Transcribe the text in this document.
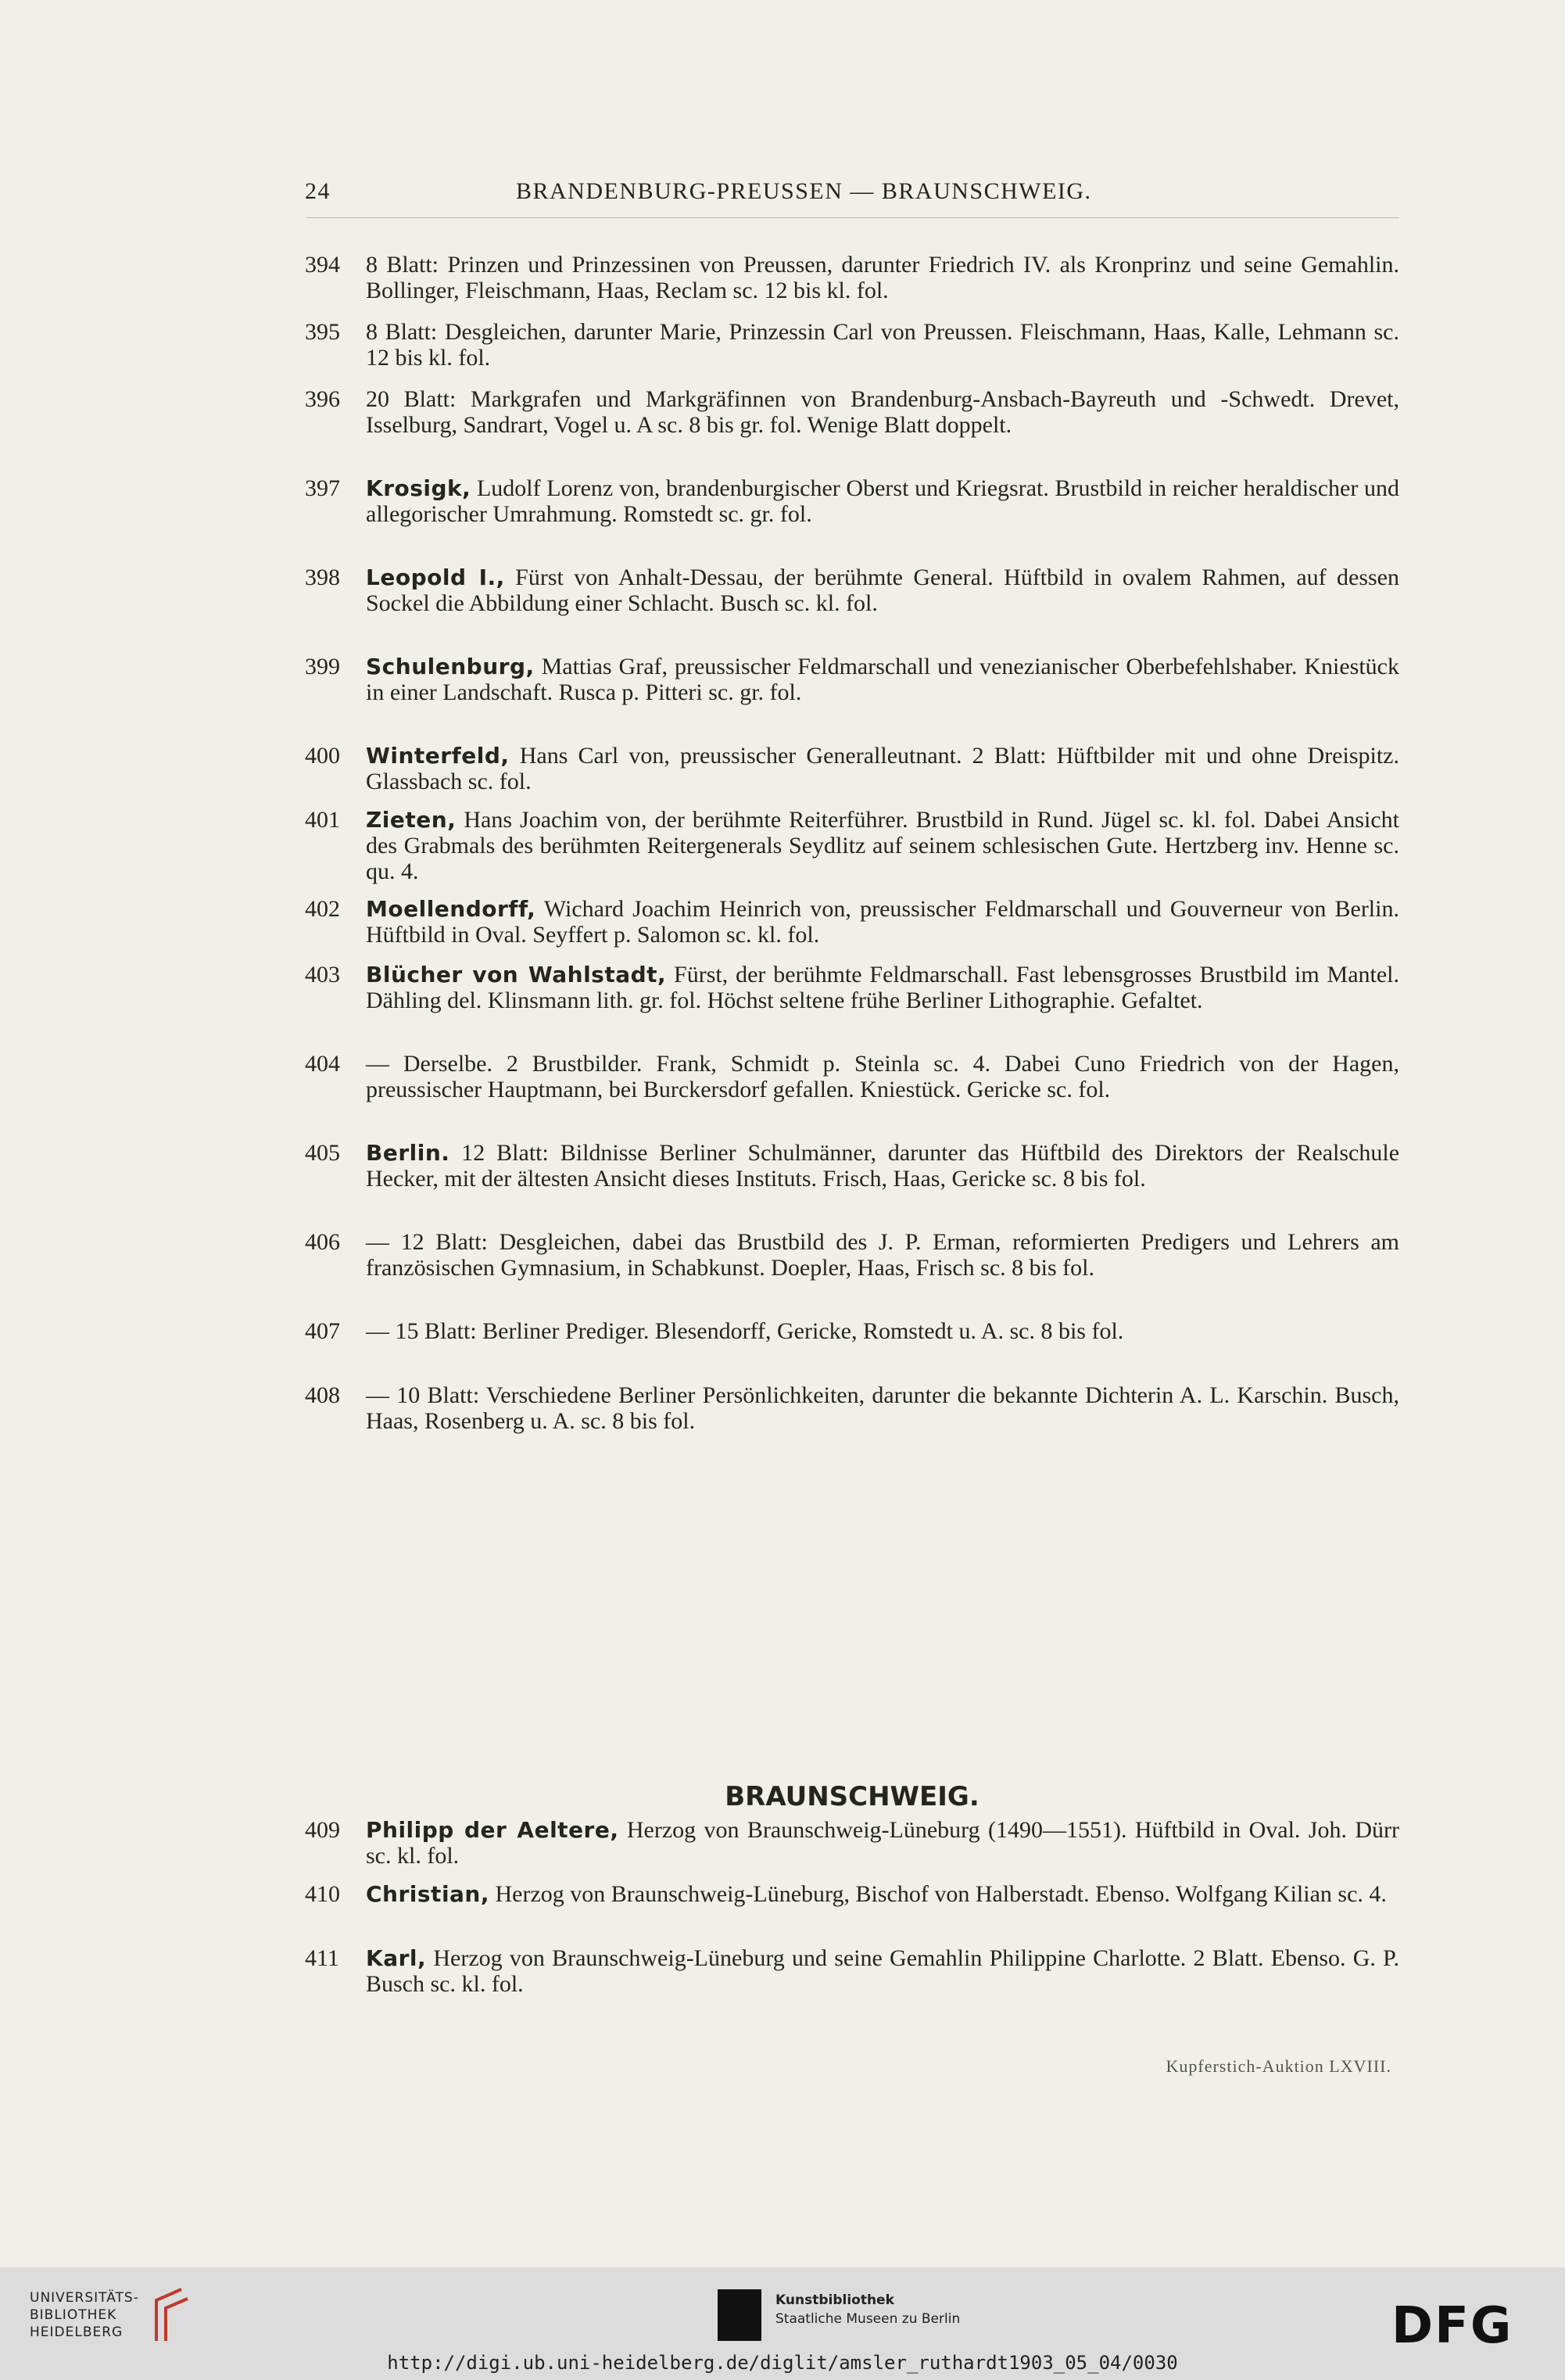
24	BRANDENBURG-PREUSSEN — BRAUNSCHWEIG.
394	8 Blatt: Prinzen und Prinzessinen von Preussen, darunter Friedrich IV. als Kronprinz und seine Gemahlin. Bollinger, Fleischmann, Haas, Reclam sc. 12 bis kl. fol.
395	8 Blatt: Desgleichen, darunter Marie, Prinzessin Carl von Preussen. Fleischmann, Haas, Kalle, Lehmann sc. 12 bis kl. fol.
396	20 Blatt: Markgrafen und Markgräfinnen von Brandenburg-Ansbach-Bayreuth und -Schwedt. Drevet, Isselburg, Sandrart, Vogel u. A sc. 8 bis gr. fol. Wenige Blatt doppelt.
397	Krosigk, Ludolf Lorenz von, brandenburgischer Oberst und Kriegsrat. Brustbild in reicher heraldischer und allegorischer Umrahmung. Romstedt sc. gr. fol.
398	Leopold I., Fürst von Anhalt-Dessau, der berühmte General. Hüftbild in ovalem Rahmen, auf dessen Sockel die Abbildung einer Schlacht. Busch sc. kl. fol.
399	Schulenburg, Mattias Graf, preussischer Feldmarschall und venezianischer Oberbefehlshaber. Kniestück in einer Landschaft. Rusca p. Pitteri sc. gr. fol.
400	Winterfeld, Hans Carl von, preussischer Generalleutnant. 2 Blatt: Hüftbilder mit und ohne Dreispitz. Glassbach sc. fol.
401	Zieten, Hans Joachim von, der berühmte Reiterführer. Brustbild in Rund. Jügel sc. kl. fol. Dabei Ansicht des Grabmals des berühmten Reitergenerals Seydlitz auf seinem schlesischen Gute. Hertzberg inv. Henne sc. qu. 4.
402	Moellendorff, Wichard Joachim Heinrich von, preussischer Feldmarschall und Gouverneur von Berlin. Hüftbild in Oval. Seyffert p. Salomon sc. kl. fol.
403	Blücher von Wahlstadt, Fürst, der berühmte Feldmarschall. Fast lebensgrosses Brustbild im Mantel. Dähling del. Klinsmann lith. gr. fol. Höchst seltene frühe Berliner Lithographie. Gefaltet.
404	— Derselbe. 2 Brustbilder. Frank, Schmidt p. Steinla sc. 4. Dabei Cuno Friedrich von der Hagen, preussischer Hauptmann, bei Burckersdorf gefallen. Kniestück. Gericke sc. fol.
405	Berlin. 12 Blatt: Bildnisse Berliner Schulmänner, darunter das Hüftbild des Direktors der Realschule Hecker, mit der ältesten Ansicht dieses Instituts. Frisch, Haas, Gericke sc. 8 bis fol.
406	— 12 Blatt: Desgleichen, dabei das Brustbild des J. P. Erman, reformierten Predigers und Lehrers am französischen Gymnasium, in Schabkunst. Doepler, Haas, Frisch sc. 8 bis fol.
407	— 15 Blatt: Berliner Prediger. Blesendorff, Gericke, Romstedt u. A. sc. 8 bis fol.
408	— 10 Blatt: Verschiedene Berliner Persönlichkeiten, darunter die bekannte Dichterin A. L. Karschin. Busch, Haas, Rosenberg u. A. sc. 8 bis fol.
BRAUNSCHWEIG.
409	Philipp der Aeltere, Herzog von Braunschweig-Lüneburg (1490—1551). Hüftbild in Oval. Joh. Dürr sc. kl. fol.
410	Christian, Herzog von Braunschweig-Lüneburg, Bischof von Halberstadt. Ebenso. Wolfgang Kilian sc. 4.
411	Karl, Herzog von Braunschweig-Lüneburg und seine Gemahlin Philippine Charlotte. 2 Blatt. Ebenso. G. P. Busch sc. kl. fol.
Kupferstich-Auktion LXVIII.
UNIVERSITÄTS-
BIBLIOTHEK
HEIDELBERG
Kunstbibliothek
Staatliche Museen zu Berlin	DFG
http://digi.ub.uni-heidelberg.de/diglit/amsler_ruthardt1903_05_04/0030
